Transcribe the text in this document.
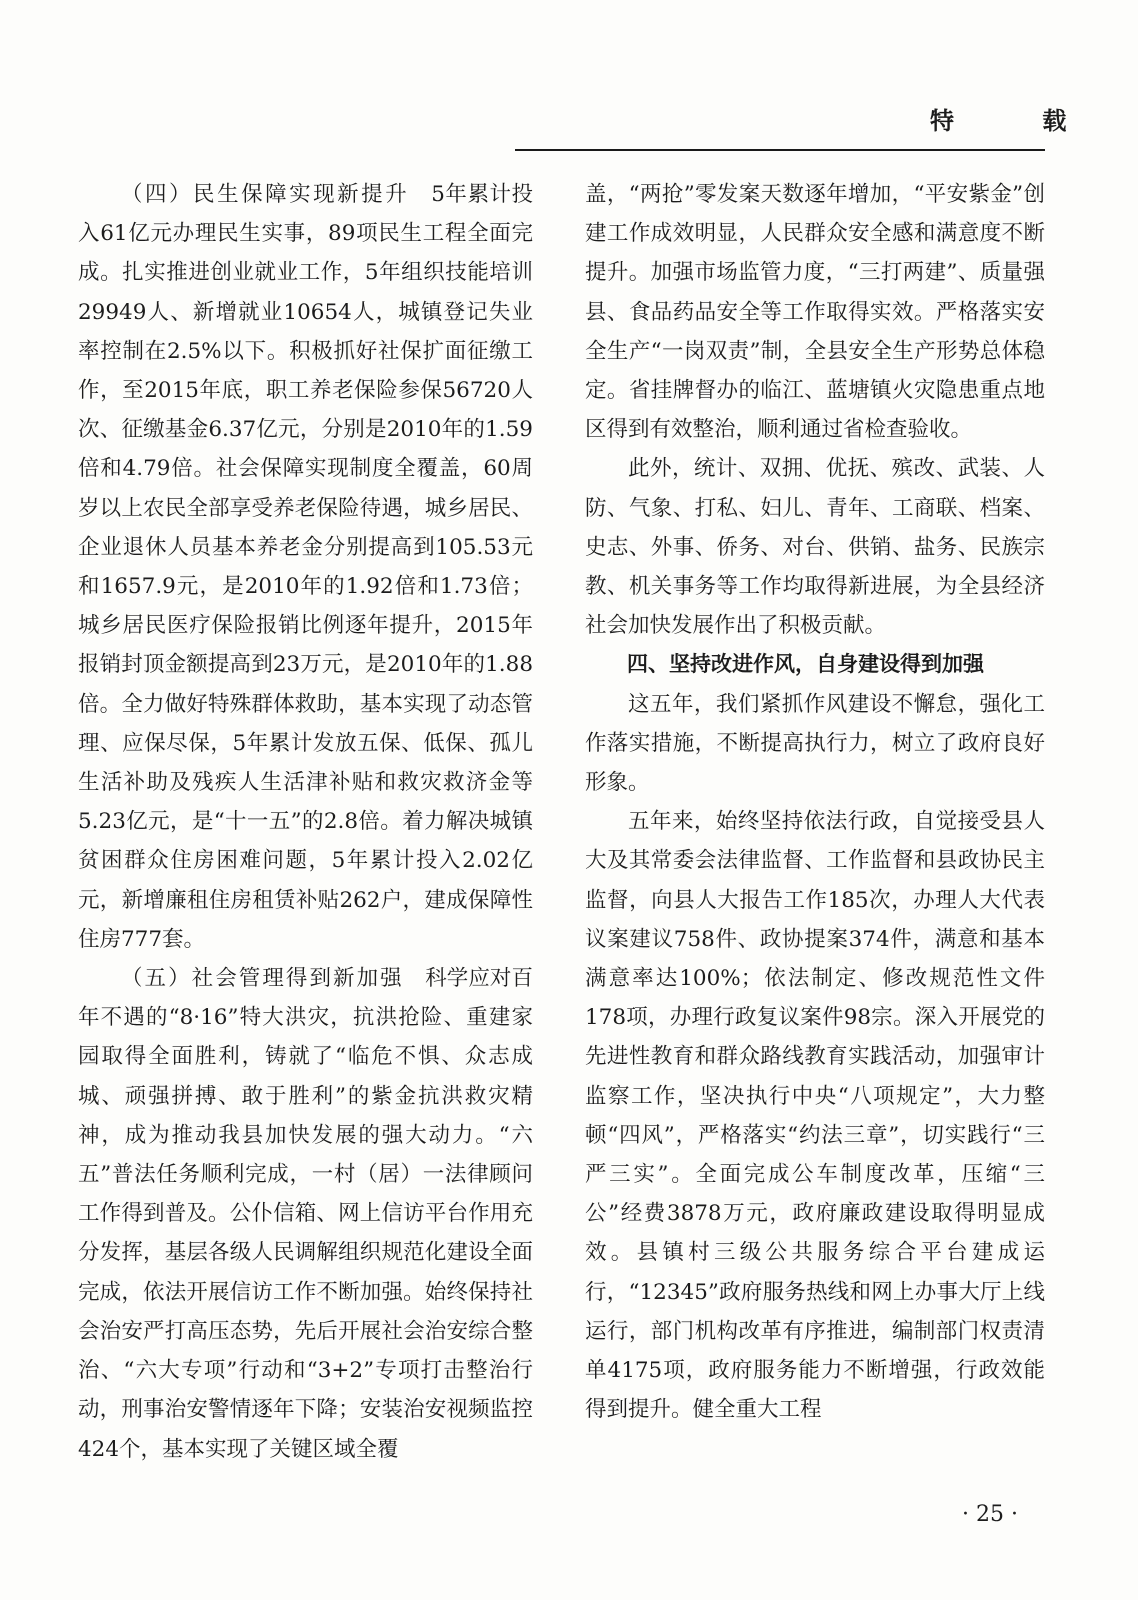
特 载

（四）民生保障实现新提升　5年累计投入61亿元办理民生实事，89项民生工程全面完成。扎实推进创业就业工作，5年组织技能培训29949人、新增就业10654人，城镇登记失业率控制在2.5%以下。积极抓好社保扩面征缴工作，至2015年底，职工养老保险参保56720人次、征缴基金6.37亿元，分别是2010年的1.59倍和4.79倍。社会保障实现制度全覆盖，60周岁以上农民全部享受养老保险待遇，城乡居民、企业退休人员基本养老金分别提高到105.53元和1657.9元，是2010年的1.92倍和1.73倍；城乡居民医疗保险报销比例逐年提升，2015年报销封顶金额提高到23万元，是2010年的1.88倍。全力做好特殊群体救助，基本实现了动态管理、应保尽保，5年累计发放五保、低保、孤儿生活补助及残疾人生活津补贴和救灾救济金等5.23亿元，是“十一五”的2.8倍。着力解决城镇贫困群众住房困难问题，5年累计投入2.02亿元，新增廉租住房租赁补贴262户，建成保障性住房777套。

（五）社会管理得到新加强　科学应对百年不遇的“8·16”特大洪灾，抗洪抢险、重建家园取得全面胜利，铸就了“临危不惧、众志成城、顽强拼搏、敢于胜利”的紫金抗洪救灾精神，成为推动我县加快发展的强大动力。“六五”普法任务顺利完成，一村（居）一法律顾问工作得到普及。公仆信箱、网上信访平台作用充分发挥，基层各级人民调解组织规范化建设全面完成，依法开展信访工作不断加强。始终保持社会治安严打高压态势，先后开展社会治安综合整治、“六大专项”行动和“3+2”专项打击整治行动，刑事治安警情逐年下降；安装治安视频监控424个，基本实现了关键区域全覆

盖，“两抢”零发案天数逐年增加，“平安紫金”创建工作成效明显，人民群众安全感和满意度不断提升。加强市场监管力度，“三打两建”、质量强县、食品药品安全等工作取得实效。严格落实安全生产“一岗双责”制，全县安全生产形势总体稳定。省挂牌督办的临江、蓝塘镇火灾隐患重点地区得到有效整治，顺利通过省检查验收。

此外，统计、双拥、优抚、殡改、武装、人防、气象、打私、妇儿、青年、工商联、档案、史志、外事、侨务、对台、供销、盐务、民族宗教、机关事务等工作均取得新进展，为全县经济社会加快发展作出了积极贡献。

四、坚持改进作风，自身建设得到加强

这五年，我们紧抓作风建设不懈怠，强化工作落实措施，不断提高执行力，树立了政府良好形象。

五年来，始终坚持依法行政，自觉接受县人大及其常委会法律监督、工作监督和县政协民主监督，向县人大报告工作185次，办理人大代表议案建议758件、政协提案374件，满意和基本满意率达100%；依法制定、修改规范性文件178项，办理行政复议案件98宗。深入开展党的先进性教育和群众路线教育实践活动，加强审计监察工作，坚决执行中央“八项规定”，大力整顿“四风”，严格落实“约法三章”，切实践行“三严三实”。全面完成公车制度改革，压缩“三公”经费3878万元，政府廉政建设取得明显成效。县镇村三级公共服务综合平台建成运行，“12345”政府服务热线和网上办事大厅上线运行，部门机构改革有序推进，编制部门权责清单4175项，政府服务能力不断增强，行政效能得到提升。健全重大工程

· 25 ·
